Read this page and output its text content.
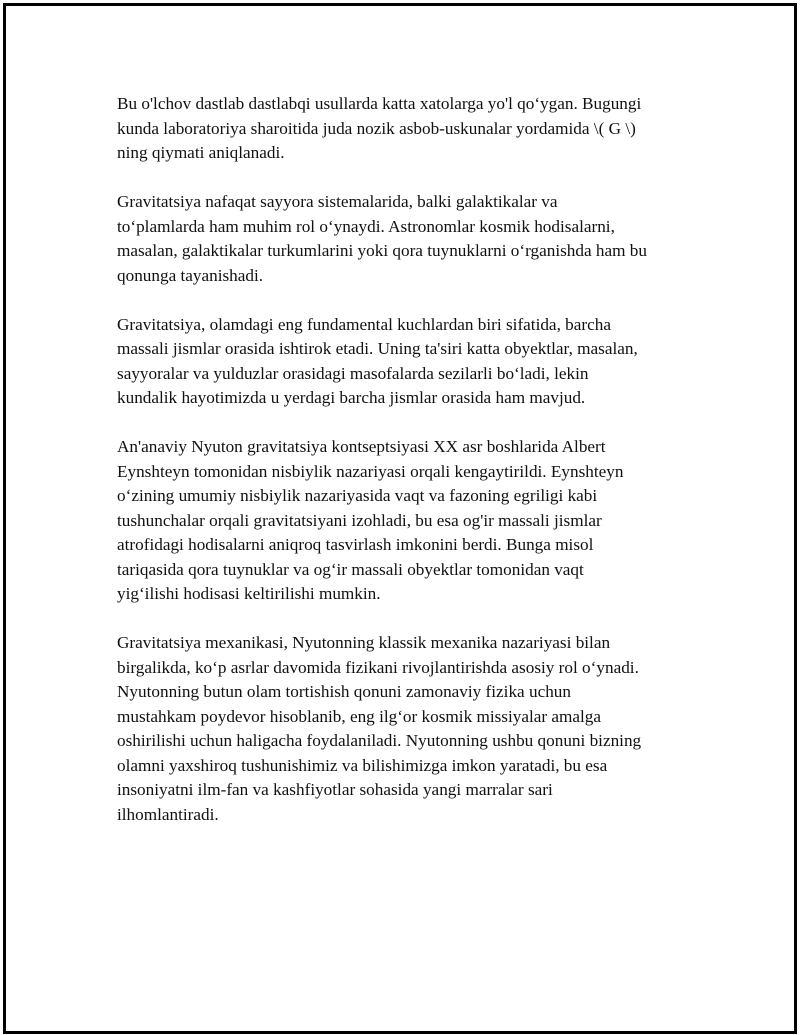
Bu o'lchov dastlab dastlabqi usullarda katta xatolarga yo'l qo‘ygan. Bugungi
kunda laboratoriya sharoitida juda nozik asbob-uskunalar yordamida \( G \)
ning qiymati aniqlanadi.

Gravitatsiya nafaqat sayyora sistemalarida, balki galaktikalar va
to‘plamlarda ham muhim rol o‘ynaydi. Astronomlar kosmik hodisalarni,
masalan, galaktikalar turkumlarini yoki qora tuynuklarni o‘rganishda ham bu
qonunga tayanishadi.

Gravitatsiya, olamdagi eng fundamental kuchlardan biri sifatida, barcha
massali jismlar orasida ishtirok etadi. Uning ta'siri katta obyektlar, masalan,
sayyoralar va yulduzlar orasidagi masofalarda sezilarli bo‘ladi, lekin
kundalik hayotimizda u yerdagi barcha jismlar orasida ham mavjud.

An'anaviy Nyuton gravitatsiya kontseptsiyasi XX asr boshlarida Albert
Eynshteyn tomonidan nisbiylik nazariyasi orqali kengaytirildi. Eynshteyn
o‘zining umumiy nisbiylik nazariyasida vaqt va fazoning egriligi kabi
tushunchalar orqali gravitatsiyani izohladi, bu esa og'ir massali jismlar
atrofidagi hodisalarni aniqroq tasvirlash imkonini berdi. Bunga misol
tariqasida qora tuynuklar va og‘ir massali obyektlar tomonidan vaqt
yig‘ilishi hodisasi keltirilishi mumkin.

Gravitatsiya mexanikasi, Nyutonning klassik mexanika nazariyasi bilan
birgalikda, ko‘p asrlar davomida fizikani rivojlantirishda asosiy rol o‘ynadi.
Nyutonning butun olam tortishish qonuni zamonaviy fizika uchun
mustahkam poydevor hisoblanib, eng ilg‘or kosmik missiyalar amalga
oshirilishi uchun haligacha foydalaniladi. Nyutonning ushbu qonuni bizning
olamni yaxshiroq tushunishimiz va bilishimizga imkon yaratadi, bu esa
insoniyatni ilm-fan va kashfiyotlar sohasida yangi marralar sari
ilhomlantiradi.
